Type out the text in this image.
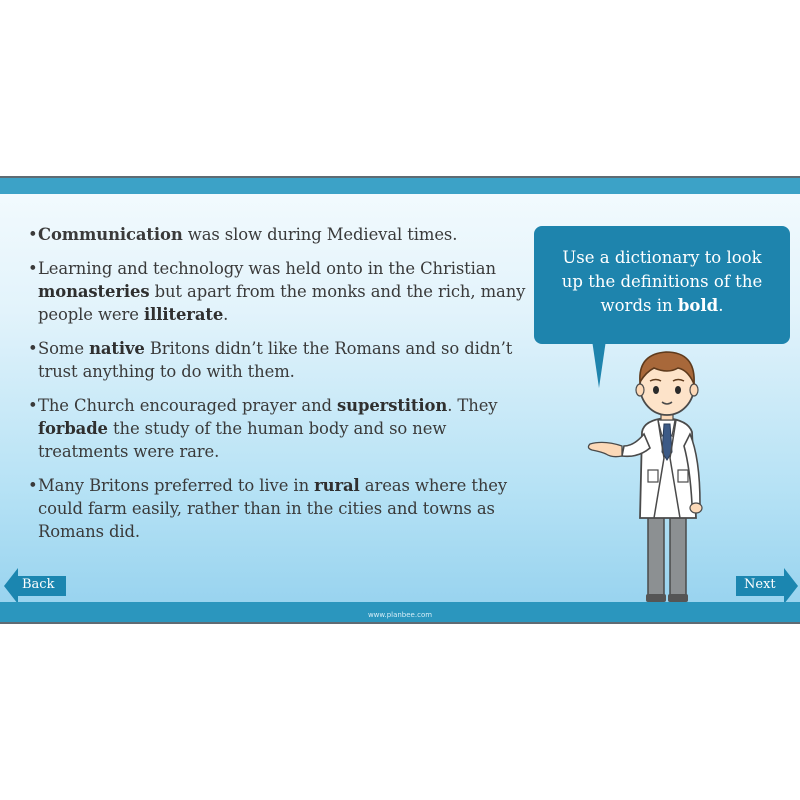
• Communication was slow during Medieval times.
• Learning and technology was held onto in the Christian monasteries but apart from the monks and the rich, many people were illiterate.
• Some native Britons didn’t like the Romans and so didn’t trust anything to do with them.
• The Church encouraged prayer and superstition. They forbade the study of the human body and so new treatments were rare.
• Many Britons preferred to live in rural areas where they could farm easily, rather than in the cities and towns as Romans did.
Use a dictionary to look
up the definitions of the
words in bold.
Back	Next
www.planbee.com
